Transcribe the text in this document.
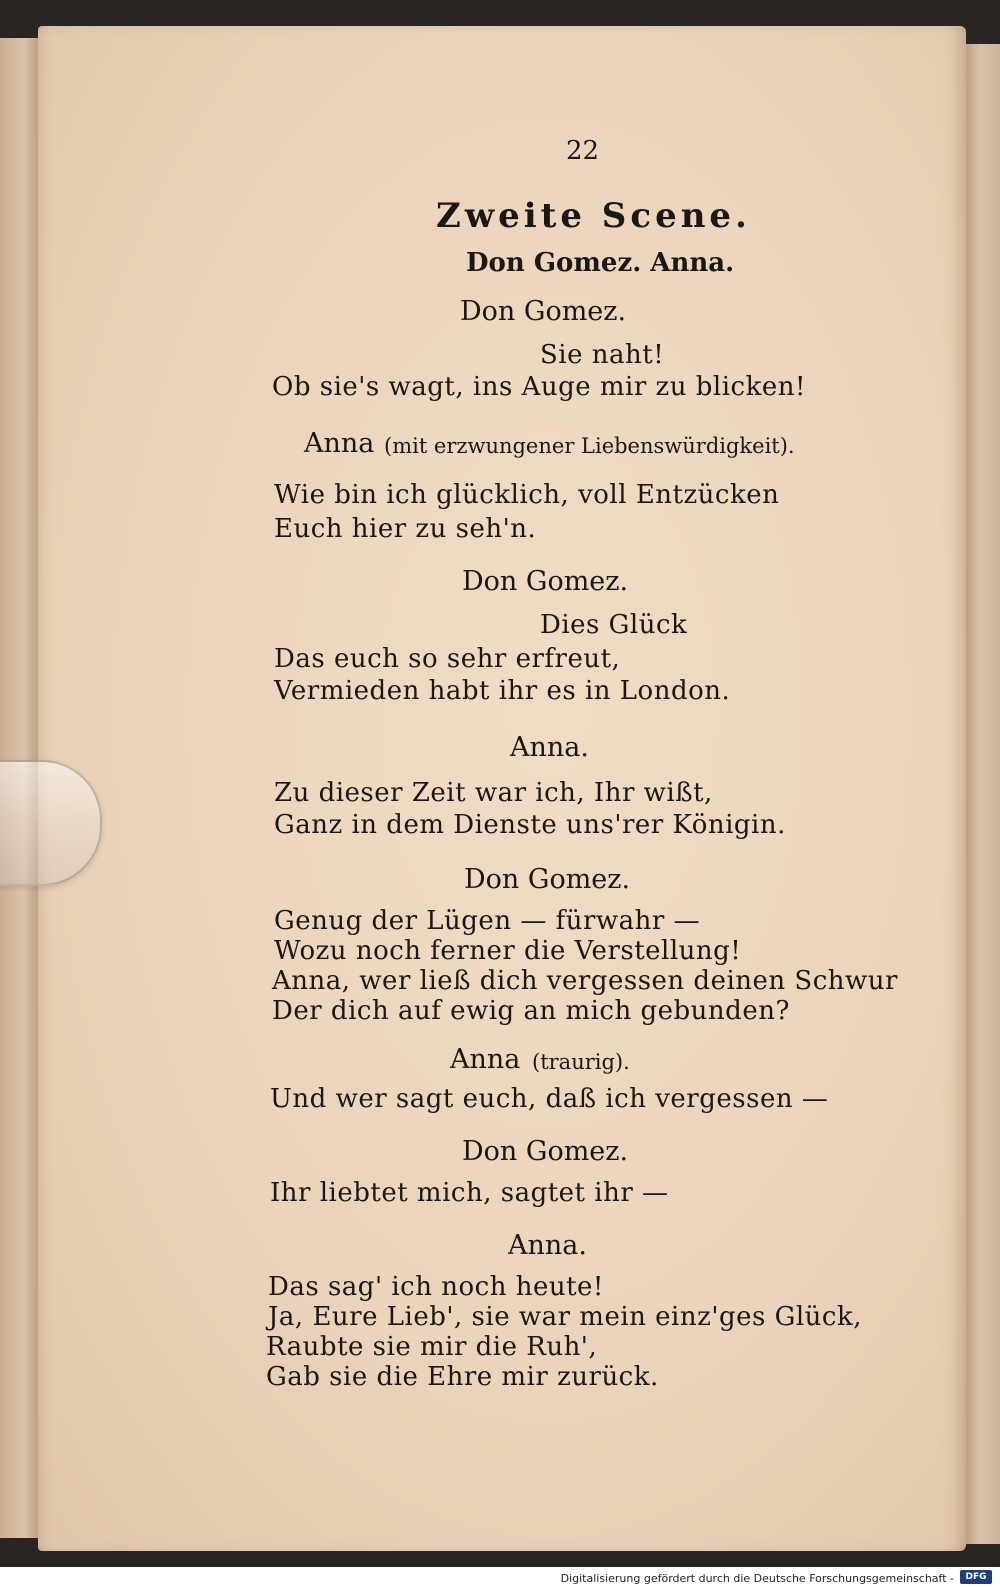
22
Zweite Scene.
Don Gomez. Anna.
Don Gomez.
Sie naht!
Ob sie's wagt, ins Auge mir zu blicken!
Anna (mit erzwungener Liebenswürdigkeit).
Wie bin ich glücklich, voll Entzücken
Euch hier zu seh'n.
Don Gomez.
Dies Glück
Das euch so sehr erfreut,
Vermieden habt ihr es in London.
Anna.
Zu dieser Zeit war ich, Ihr wißt,
Ganz in dem Dienste uns'rer Königin.
Don Gomez.
Genug der Lügen — fürwahr —
Wozu noch ferner die Verstellung!
Anna, wer ließ dich vergessen deinen Schwur
Der dich auf ewig an mich gebunden?
Anna (traurig).
Und wer sagt euch, daß ich vergessen —
Don Gomez.
Ihr liebtet mich, sagtet ihr —
Anna.
Das sag' ich noch heute!
Ja, Eure Lieb', sie war mein einz'ges Glück,
Raubte sie mir die Ruh',
Gab sie die Ehre mir zurück.
Digitalisierung gefördert durch die Deutsche Forschungsgemeinschaft -	DFG
